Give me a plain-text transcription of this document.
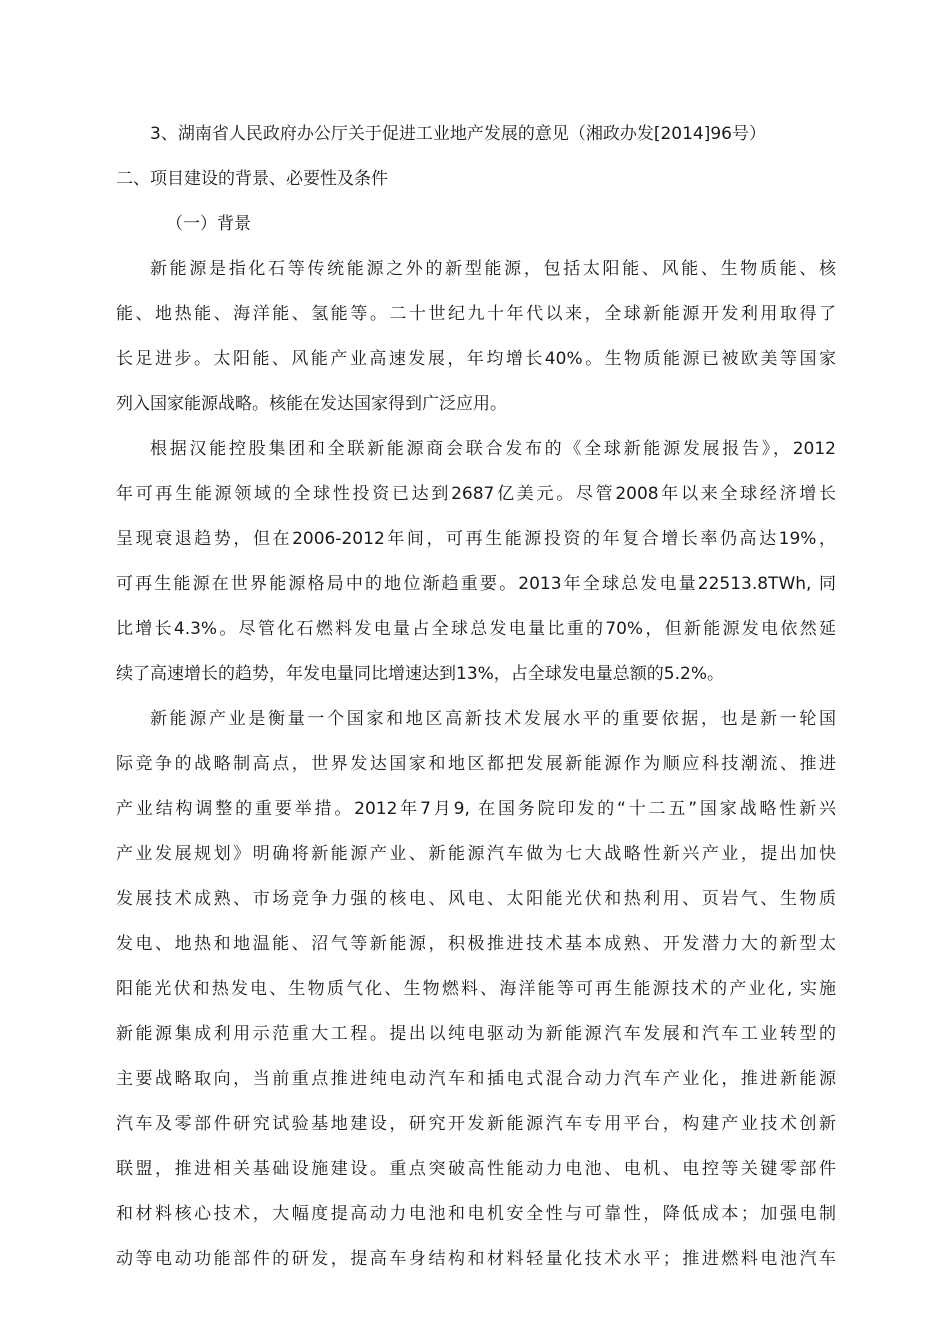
3、湖南省人民政府办公厅关于促进工业地产发展的意见（湘政办发[2014]96号）

二、项目建设的背景、必要性及条件

（一）背景

新能源是指化石等传统能源之外的新型能源，包括太阳能、风能、生物质能、核

能、地热能、海洋能、氢能等。二十世纪九十年代以来，全球新能源开发利用取得了

长足进步。太阳能、风能产业高速发展，年均增长40%。生物质能源已被欧美等国家

列入国家能源战略。核能在发达国家得到广泛应用。

根据汉能控股集团和全联新能源商会联合发布的《全球新能源发展报告》，2012

年可再生能源领域的全球性投资已达到2687亿美元。尽管2008年以来全球经济增长

呈现衰退趋势，但在2006-2012年间，可再生能源投资的年复合增长率仍高达19%，

可再生能源在世界能源格局中的地位渐趋重要。2013年全球总发电量22513.8TWh, 同

比增长4.3%。尽管化石燃料发电量占全球总发电量比重的70%，但新能源发电依然延

续了高速增长的趋势，年发电量同比增速达到13%，占全球发电量总额的5.2%。

新能源产业是衡量一个国家和地区高新技术发展水平的重要依据，也是新一轮国

际竞争的战略制高点，世界发达国家和地区都把发展新能源作为顺应科技潮流、推进

产业结构调整的重要举措。2012年7月9, 在国务院印发的“十二五”国家战略性新兴

产业发展规划》明确将新能源产业、新能源汽车做为七大战略性新兴产业，提出加快

发展技术成熟、市场竞争力强的核电、风电、太阳能光伏和热利用、页岩气、生物质

发电、地热和地温能、沼气等新能源，积极推进技术基本成熟、开发潜力大的新型太

阳能光伏和热发电、生物质气化、生物燃料、海洋能等可再生能源技术的产业化, 实施

新能源集成利用示范重大工程。提出以纯电驱动为新能源汽车发展和汽车工业转型的

主要战略取向，当前重点推进纯电动汽车和插电式混合动力汽车产业化，推进新能源

汽车及零部件研究试验基地建设，研究开发新能源汽车专用平台，构建产业技术创新

联盟，推进相关基础设施建设。重点突破高性能动力电池、电机、电控等关键零部件

和材料核心技术，大幅度提高动力电池和电机安全性与可靠性，降低成本；加强电制

动等电动功能部件的研发，提高车身结构和材料轻量化技术水平；推进燃料电池汽车
